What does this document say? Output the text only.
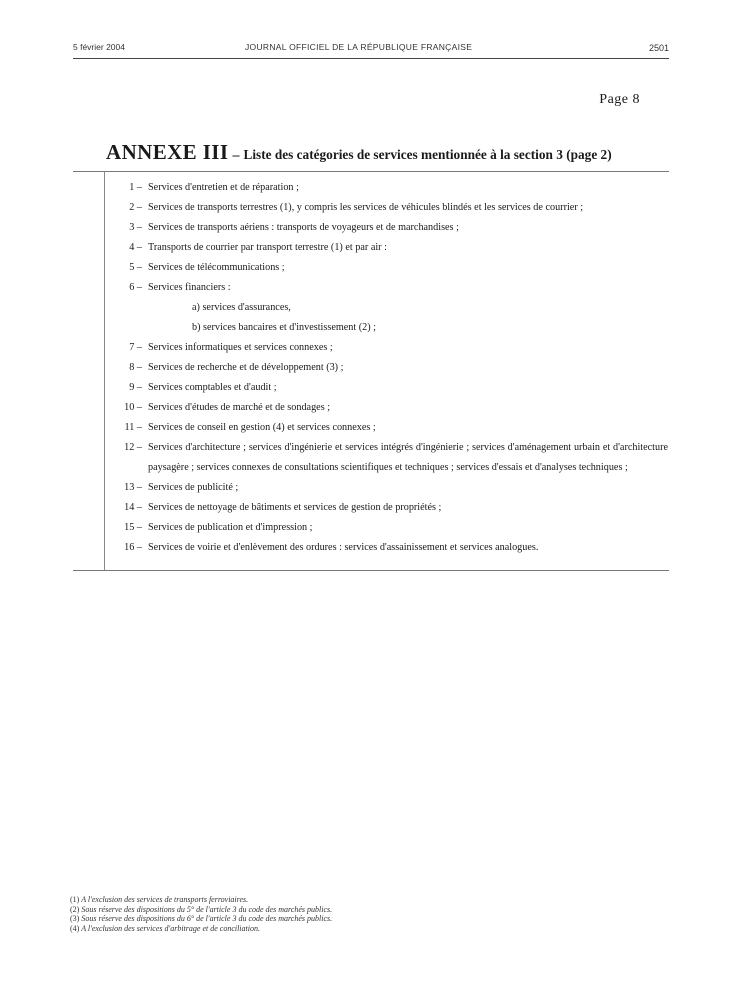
5 février 2004	JOURNAL OFFICIEL DE LA RÉPUBLIQUE FRANÇAISE	2501
Page 8
ANNEXE III – Liste des catégories de services mentionnée à la section 3 (page 2)
1 – Services d'entretien et de réparation ;
2 – Services de transports terrestres (1), y compris les services de véhicules blindés et les services de courrier ;
3 – Services de transports aériens : transports de voyageurs et de marchandises ;
4 – Transports de courrier par transport terrestre (1) et par air :
5 – Services de télécommunications ;
6 – Services financiers :
a) services d'assurances,
b) services bancaires et d'investissement (2) ;
7 – Services informatiques et services connexes ;
8 – Services de recherche et de développement (3) ;
9 – Services comptables et d'audit ;
10 – Services d'études de marché et de sondages ;
11 – Services de conseil en gestion (4) et services connexes ;
12 – Services d'architecture ; services d'ingénierie et services intégrés d'ingénierie ; services d'aménagement urbain et d'architecture paysagère ; services connexes de consultations scientifiques et techniques ; services d'essais et d'analyses techniques ;
13 – Services de publicité ;
14 – Services de nettoyage de bâtiments et services de gestion de propriétés ;
15 – Services de publication et d'impression ;
16 – Services de voirie et d'enlèvement des ordures : services d'assainissement et services analogues.
(1) A l'exclusion des services de transports ferroviaires.
(2) Sous réserve des dispositions du 5° de l'article 3 du code des marchés publics.
(3) Sous réserve des dispositions du 6° de l'article 3 du code des marchés publics.
(4) A l'exclusion des services d'arbitrage et de conciliation.
